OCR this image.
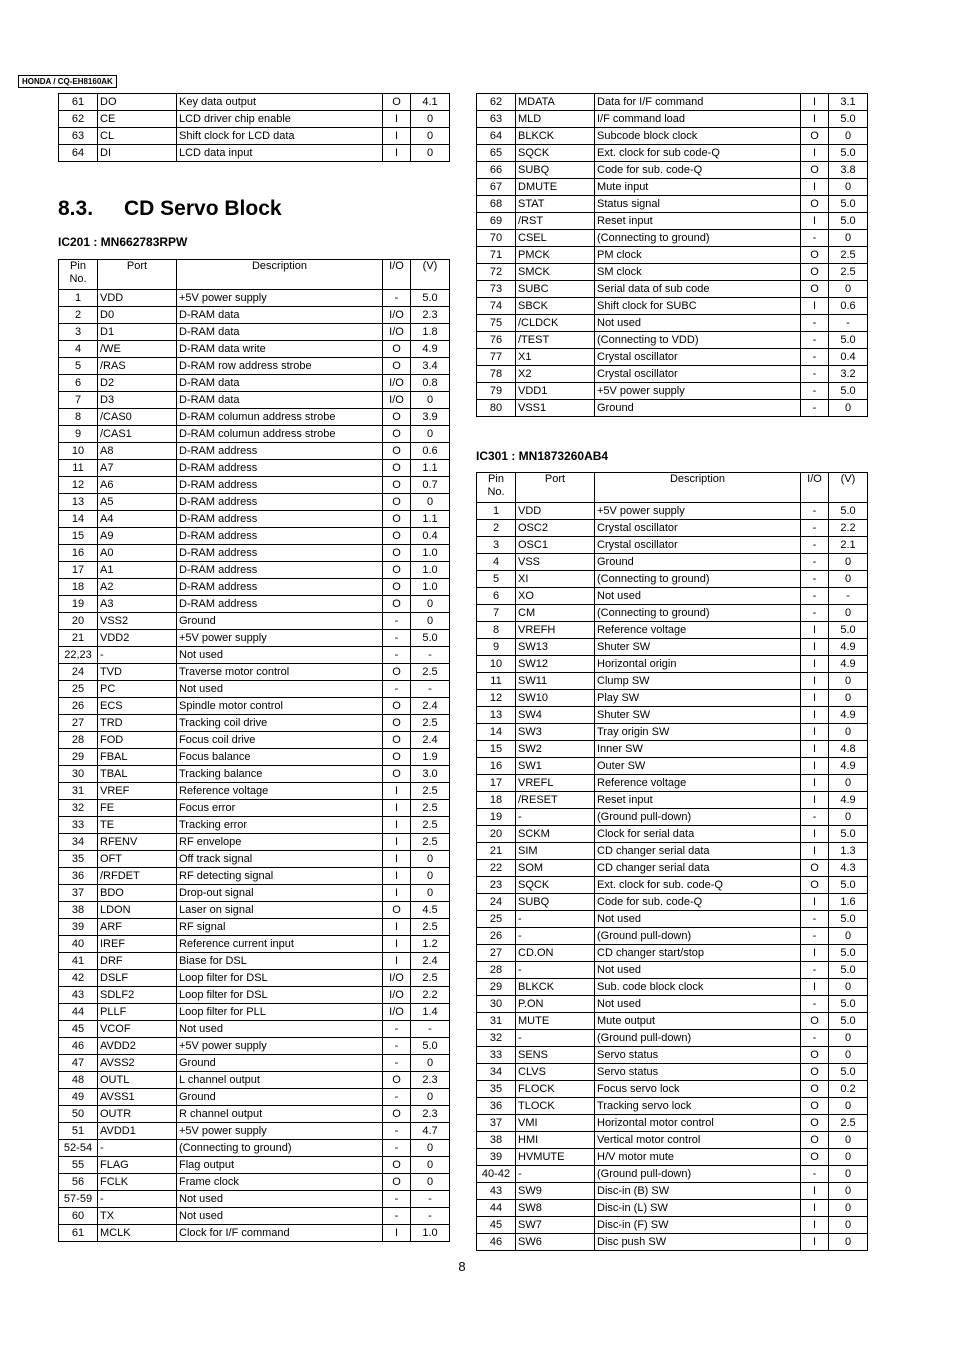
HONDA / CQ-EH8160AK
8.3. CD Servo Block
IC201 : MN662783RPW
IC301 : MN1873260AB4
61	DO	Key data output	O	4.1
62	CE	LCD driver chip enable	I	0
63	CL	Shift clock for LCD data	I	0
64	DI	LCD data input	I	0
Pin No.	Port	Description	I/O	(V)
1	VDD	+5V power supply	-	5.0
2	D0	D-RAM data	I/O	2.3
3	D1	D-RAM data	I/O	1.8
4	/WE	D-RAM data write	O	4.9
5	/RAS	D-RAM row address strobe	O	3.4
6	D2	D-RAM data	I/O	0.8
7	D3	D-RAM data	I/O	0
8	/CAS0	D-RAM columun address strobe	O	3.9
9	/CAS1	D-RAM columun address strobe	O	0
10	A8	D-RAM address	O	0.6
11	A7	D-RAM address	O	1.1
12	A6	D-RAM address	O	0.7
13	A5	D-RAM address	O	0
14	A4	D-RAM address	O	1.1
15	A9	D-RAM address	O	0.4
16	A0	D-RAM address	O	1.0
17	A1	D-RAM address	O	1.0
18	A2	D-RAM address	O	1.0
19	A3	D-RAM address	O	0
20	VSS2	Ground	-	0
21	VDD2	+5V power supply	-	5.0
22,23	-	Not used	-	-
24	TVD	Traverse motor control	O	2.5
25	PC	Not used	-	-
26	ECS	Spindle motor control	O	2.4
27	TRD	Tracking coil drive	O	2.5
28	FOD	Focus coil drive	O	2.4
29	FBAL	Focus balance	O	1.9
30	TBAL	Tracking balance	O	3.0
31	VREF	Reference voltage	I	2.5
32	FE	Focus error	I	2.5
33	TE	Tracking error	I	2.5
34	RFENV	RF envelope	I	2.5
35	OFT	Off track signal	I	0
36	/RFDET	RF detecting signal	I	0
37	BDO	Drop-out signal	I	0
38	LDON	Laser on signal	O	4.5
39	ARF	RF signal	I	2.5
40	IREF	Reference current input	I	1.2
41	DRF	Biase for DSL	I	2.4
42	DSLF	Loop filter for DSL	I/O	2.5
43	SDLF2	Loop filter for DSL	I/O	2.2
44	PLLF	Loop filter for PLL	I/O	1.4
45	VCOF	Not used	-	-
46	AVDD2	+5V power supply	-	5.0
47	AVSS2	Ground	-	0
48	OUTL	L channel output	O	2.3
49	AVSS1	Ground	-	0
50	OUTR	R channel output	O	2.3
51	AVDD1	+5V power supply	-	4.7
52-54	-	(Connecting to ground)	-	0
55	FLAG	Flag output	O	0
56	FCLK	Frame clock	O	0
57-59	-	Not used	-	-
60	TX	Not used	-	-
61	MCLK	Clock for I/F command	I	1.0
62	MDATA	Data for I/F command	I	3.1
63	MLD	I/F command load	I	5.0
64	BLKCK	Subcode block clock	O	0
65	SQCK	Ext. clock for sub code-Q	I	5.0
66	SUBQ	Code for sub. code-Q	O	3.8
67	DMUTE	Mute input	I	0
68	STAT	Status signal	O	5.0
69	/RST	Reset input	I	5.0
70	CSEL	(Connecting to ground)	-	0
71	PMCK	PM clock	O	2.5
72	SMCK	SM clock	O	2.5
73	SUBC	Serial data of sub code	O	0
74	SBCK	Shift clock for SUBC	I	0.6
75	/CLDCK	Not used	-	-
76	/TEST	(Connecting to VDD)	-	5.0
77	X1	Crystal oscillator	-	0.4
78	X2	Crystal oscillator	-	3.2
79	VDD1	+5V power supply	-	5.0
80	VSS1	Ground	-	0
Pin No.	Port	Description	I/O	(V)
1	VDD	+5V power supply	-	5.0
2	OSC2	Crystal oscillator	-	2.2
3	OSC1	Crystal oscillator	-	2.1
4	VSS	Ground	-	0
5	XI	(Connecting to ground)	-	0
6	XO	Not used	-	-
7	CM	(Connecting to ground)	-	0
8	VREFH	Reference voltage	I	5.0
9	SW13	Shuter SW	I	4.9
10	SW12	Horizontal origin	I	4.9
11	SW11	Clump SW	I	0
12	SW10	Play SW	I	0
13	SW4	Shuter SW	I	4.9
14	SW3	Tray origin SW	I	0
15	SW2	Inner SW	I	4.8
16	SW1	Outer SW	I	4.9
17	VREFL	Reference voltage	I	0
18	/RESET	Reset input	I	4.9
19	-	(Ground pull-down)	-	0
20	SCKM	Clock for serial data	I	5.0
21	SIM	CD changer serial data	I	1.3
22	SOM	CD changer serial data	O	4.3
23	SQCK	Ext. clock for sub. code-Q	O	5.0
24	SUBQ	Code for sub. code-Q	I	1.6
25	-	Not used	-	5.0
26	-	(Ground pull-down)	-	0
27	CD.ON	CD changer start/stop	I	5.0
28	-	Not used	-	5.0
29	BLKCK	Sub. code block clock	I	0
30	P.ON	Not used	-	5.0
31	MUTE	Mute output	O	5.0
32	-	(Ground pull-down)	-	0
33	SENS	Servo status	O	0
34	CLVS	Servo status	O	5.0
35	FLOCK	Focus servo lock	O	0.2
36	TLOCK	Tracking servo lock	O	0
37	VMI	Horizontal motor control	O	2.5
38	HMI	Vertical motor control	O	0
39	HVMUTE	H/V motor mute	O	0
40-42	-	(Ground pull-down)	-	0
43	SW9	Disc-in (B) SW	I	0
44	SW8	Disc-in (L) SW	I	0
45	SW7	Disc-in (F) SW	I	0
46	SW6	Disc push SW	I	0
8
